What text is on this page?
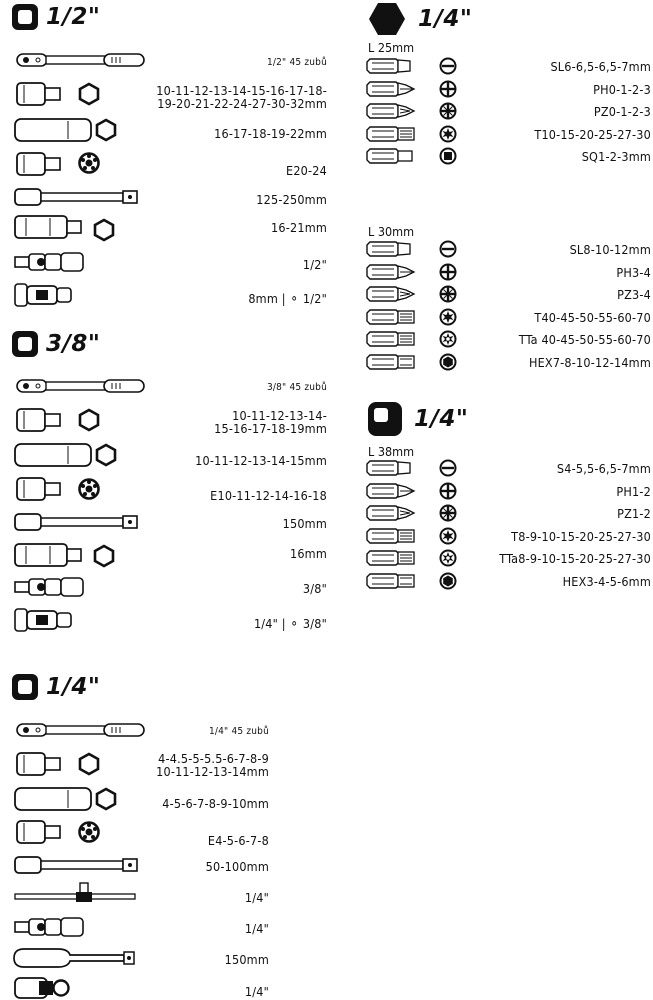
1/2"
1/2" 45 zubů
10-11-12-13-14-15-16-17-18-
19-20-21-22-24-27-30-32mm
16-17-18-19-22mm
E20-24
125-250mm
16-21mm
1/2"
8mm | ⚬ 1/2"
3/8"
3/8" 45 zubů
10-11-12-13-14-
15-16-17-18-19mm
10-11-12-13-14-15mm
E10-11-12-14-16-18
150mm
16mm
3/8"
1/4" | ⚬ 3/8"
1/4"
1/4" 45 zubů
4-4.5-5-5.5-6-7-8-9
10-11-12-13-14mm
4-5-6-7-8-9-10mm
E4-5-6-7-8
50-100mm
1/4"
1/4"
150mm
1/4"
1/4"
L 25mm
SL6-6,5-6,5-7mm
PH0-1-2-3
PZ0-1-2-3
T10-15-20-25-27-30
SQ1-2-3mm
L 30mm
SL8-10-12mm
PH3-4
PZ3-4
T40-45-50-55-60-70
TTa 40-45-50-55-60-70
HEX7-8-10-12-14mm
1/4"
L 38mm
S4-5,5-6,5-7mm
PH1-2
PZ1-2
T8-9-10-15-20-25-27-30
TTa8-9-10-15-20-25-27-30
HEX3-4-5-6mm
